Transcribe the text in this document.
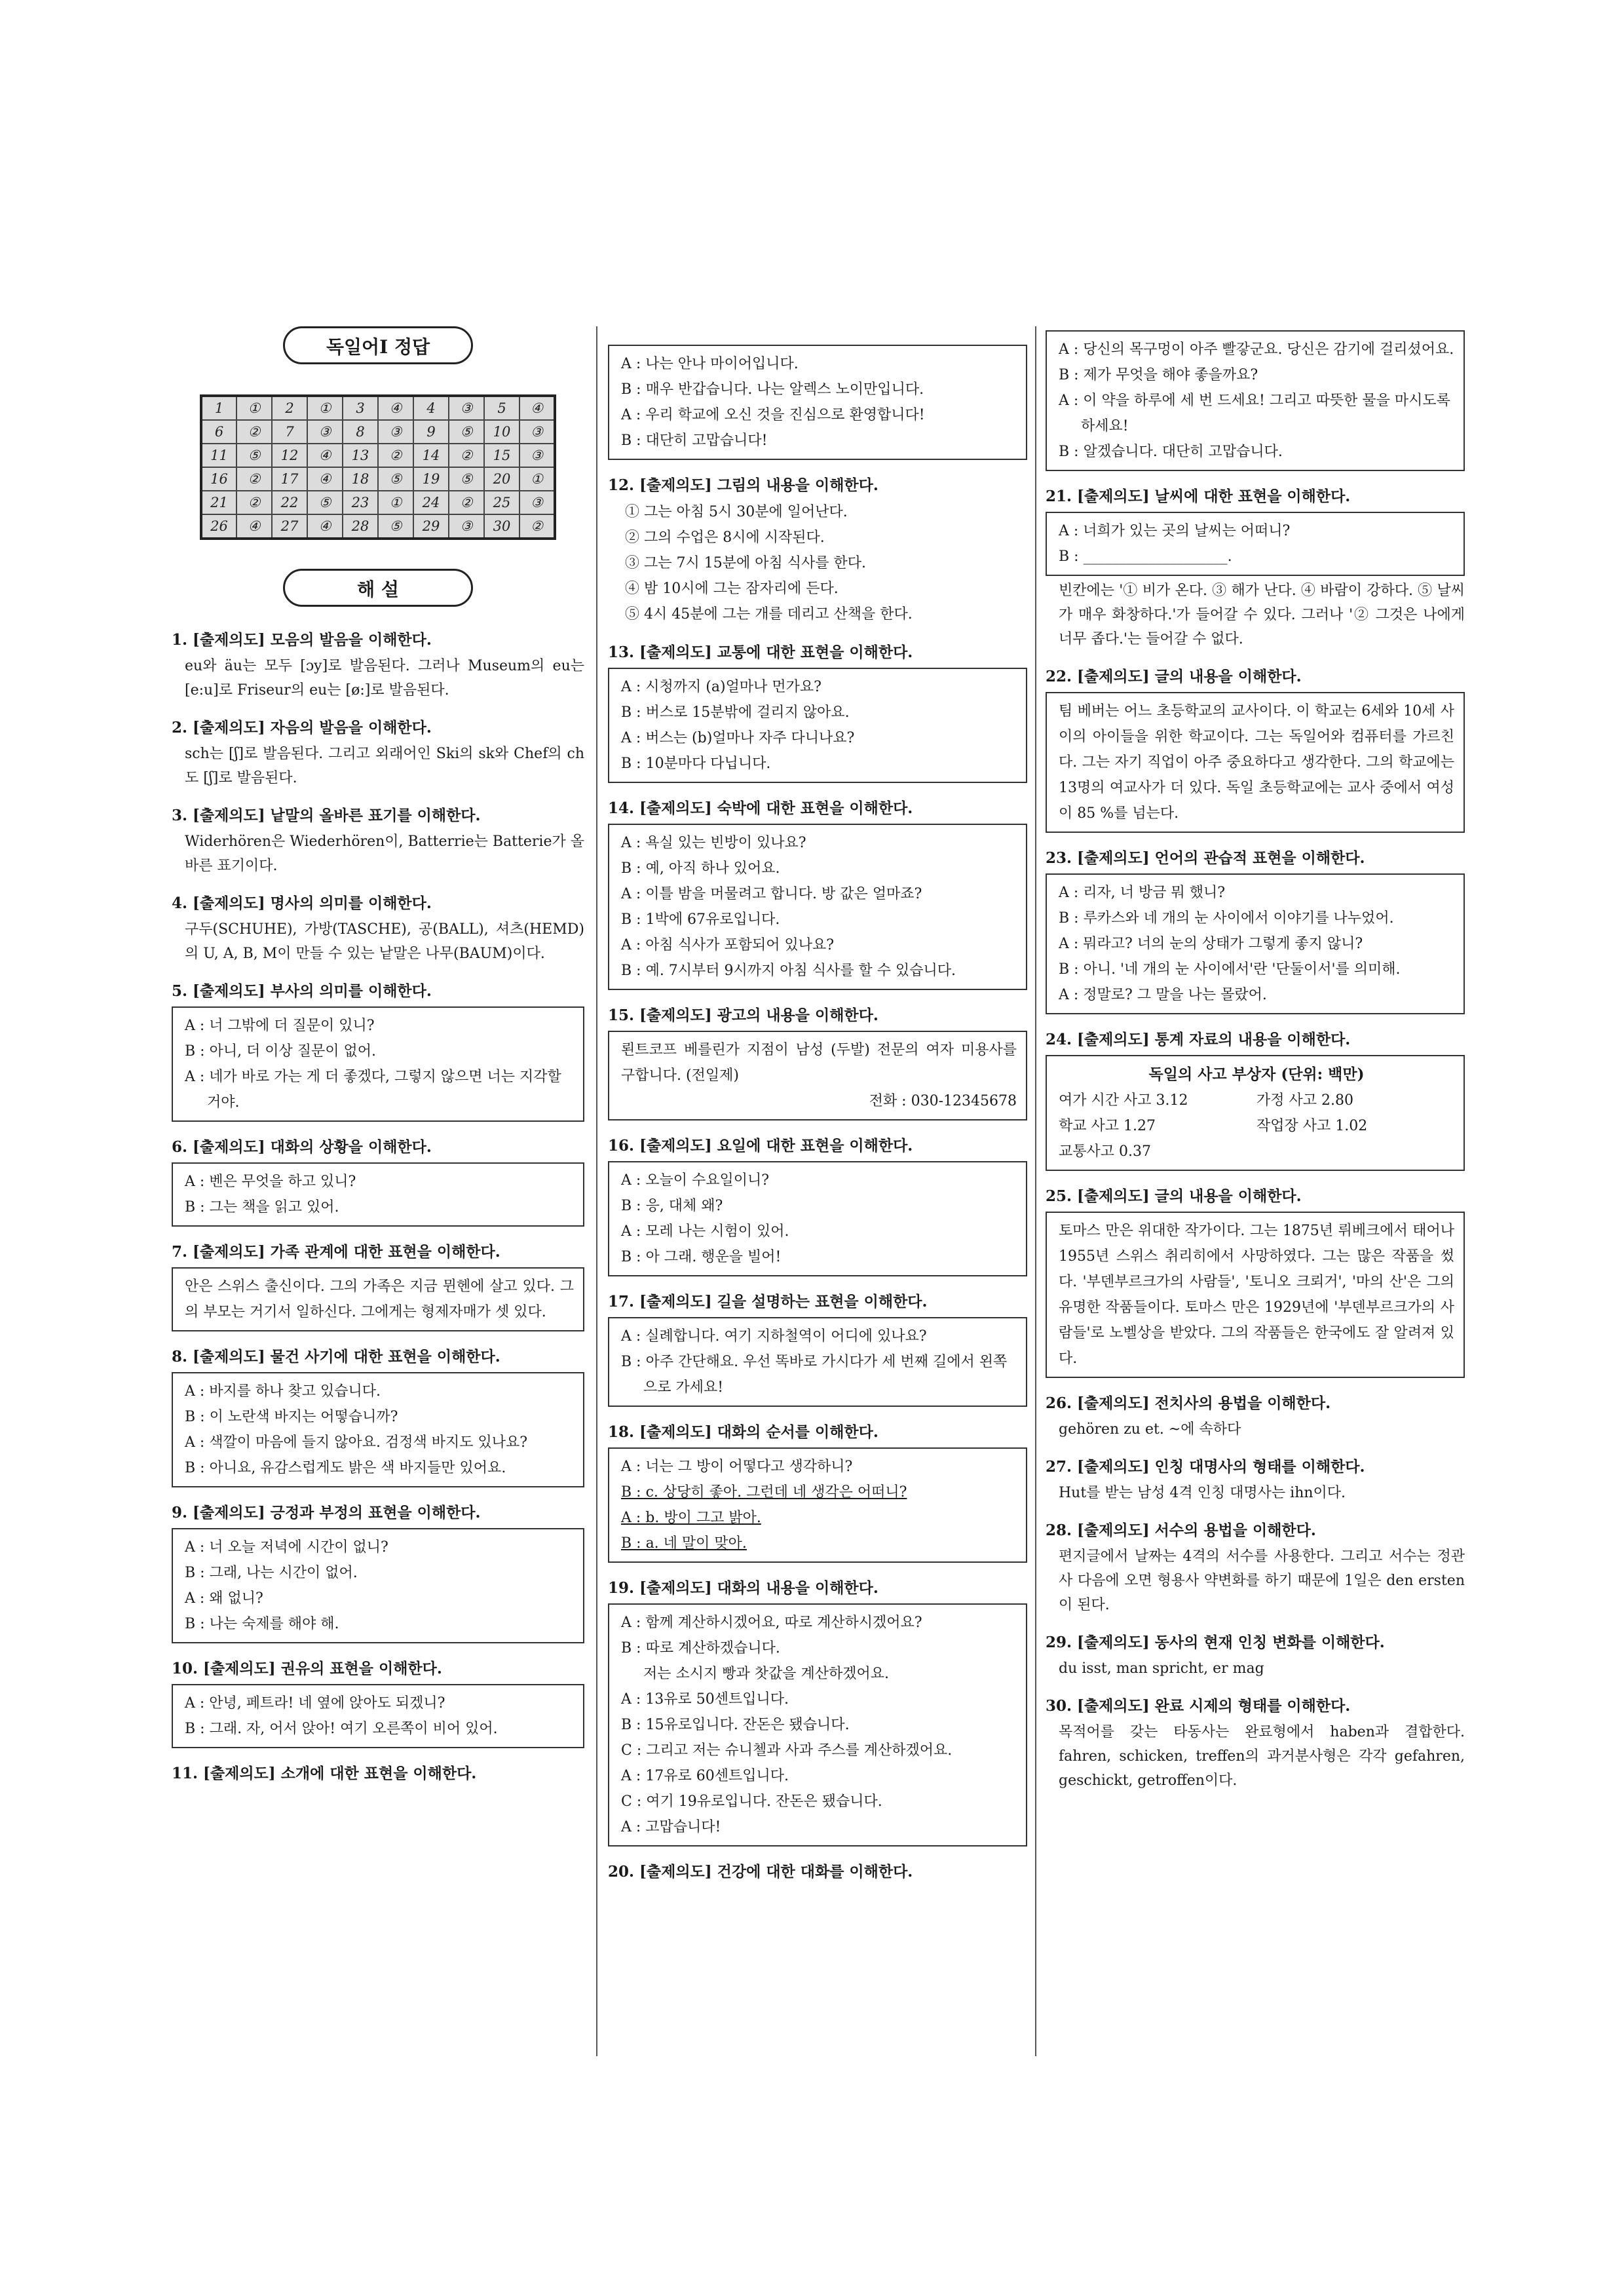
독일어Ⅰ 정답
1	①	2	①	3	④	4	③	5	④
6	②	7	③	8	③	9	⑤	10	③
11	⑤	12	④	13	②	14	②	15	③
16	②	17	④	18	⑤	19	⑤	20	①
21	②	22	⑤	23	①	24	②	25	③
26	④	27	④	28	⑤	29	③	30	②
해 설

1. [출제의도] 모음의 발음을 이해한다.

eu와 äu는 모두 [ɔy]로 발음된다. 그러나 Museum의 eu는 [e:u]로 Friseur의 eu는 [ø:]로 발음된다.

2. [출제의도] 자음의 발음을 이해한다.

sch는 [ʃ]로 발음된다. 그리고 외래어인 Ski의 sk와 Chef의 ch도 [ʃ]로 발음된다.

3. [출제의도] 낱말의 올바른 표기를 이해한다.

Widerhören은 Wiederhören이, Batterrie는 Batterie가 올바른 표기이다.

4. [출제의도] 명사의 의미를 이해한다.

구두(SCHUHE), 가방(TASCHE), 공(BALL), 셔츠(HEMD)의 U, A, B, M이 만들 수 있는 낱말은 나무(BAUM)이다.

5. [출제의도] 부사의 의미를 이해한다.

A : 너 그밖에 더 질문이 있니?

B : 아니, 더 이상 질문이 없어.

A : 네가 바로 가는 게 더 좋겠다, 그렇지 않으면 너는 지각할 거야.

6. [출제의도] 대화의 상황을 이해한다.

A : 벤은 무엇을 하고 있니?

B : 그는 책을 읽고 있어.

7. [출제의도] 가족 관계에 대한 표현을 이해한다.

안은 스위스 출신이다. 그의 가족은 지금 뮌헨에 살고 있다. 그의 부모는 거기서 일하신다. 그에게는 형제자매가 셋 있다.

8. [출제의도] 물건 사기에 대한 표현을 이해한다.

A : 바지를 하나 찾고 있습니다.

B : 이 노란색 바지는 어떻습니까?

A : 색깔이 마음에 들지 않아요. 검정색 바지도 있나요?

B : 아니요, 유감스럽게도 밝은 색 바지들만 있어요.

9. [출제의도] 긍정과 부정의 표현을 이해한다.

A : 너 오늘 저녁에 시간이 없니?

B : 그래, 나는 시간이 없어.

A : 왜 없니?

B : 나는 숙제를 해야 해.

10. [출제의도] 권유의 표현을 이해한다.

A : 안녕, 페트라! 네 옆에 앉아도 되겠니?

B : 그래. 자, 어서 앉아! 여기 오른쪽이 비어 있어.

11. [출제의도] 소개에 대한 표현을 이해한다.

A : 나는 안나 마이어입니다.

B : 매우 반갑습니다. 나는 알렉스 노이만입니다.

A : 우리 학교에 오신 것을 진심으로 환영합니다!

B : 대단히 고맙습니다!

12. [출제의도] 그림의 내용을 이해한다.

① 그는 아침 5시 30분에 일어난다.
② 그의 수업은 8시에 시작된다.
③ 그는 7시 15분에 아침 식사를 한다.
④ 밤 10시에 그는 잠자리에 든다.
⑤ 4시 45분에 그는 개를 데리고 산책을 한다.

13. [출제의도] 교통에 대한 표현을 이해한다.

A : 시청까지 (a)얼마나 먼가요?

B : 버스로 15분밖에 걸리지 않아요.

A : 버스는 (b)얼마나 자주 다니나요?

B : 10분마다 다닙니다.

14. [출제의도] 숙박에 대한 표현을 이해한다.

A : 욕실 있는 빈방이 있나요?

B : 예, 아직 하나 있어요.

A : 이틀 밤을 머물려고 합니다. 방 값은 얼마죠?

B : 1박에 67유로입니다.

A : 아침 식사가 포함되어 있나요?

B : 예. 7시부터 9시까지 아침 식사를 할 수 있습니다.

15. [출제의도] 광고의 내용을 이해한다.

뢴트코프 베를린가 지점이 남성 (두발) 전문의 여자 미용사를 구합니다. (전일제)

전화 : 030-12345678

16. [출제의도] 요일에 대한 표현을 이해한다.

A : 오늘이 수요일이니?

B : 응, 대체 왜?

A : 모레 나는 시험이 있어.

B : 아 그래. 행운을 빌어!

17. [출제의도] 길을 설명하는 표현을 이해한다.

A : 실례합니다. 여기 지하철역이 어디에 있나요?

B : 아주 간단해요. 우선 똑바로 가시다가 세 번째 길에서 왼쪽으로 가세요!

18. [출제의도] 대화의 순서를 이해한다.

A : 너는 그 방이 어떻다고 생각하니?

B : c. 상당히 좋아. 그런데 네 생각은 어떠니?

A : b. 방이 그고 밝아.

B : a. 네 말이 맞아.

19. [출제의도] 대화의 내용을 이해한다.

A : 함께 계산하시겠어요, 따로 계산하시겠어요?

B : 따로 계산하겠습니다.

저는 소시지 빵과 찻값을 계산하겠어요.

A : 13유로 50센트입니다.

B : 15유로입니다. 잔돈은 됐습니다.

C : 그리고 저는 슈니첼과 사과 주스를 계산하겠어요.

A : 17유로 60센트입니다.

C : 여기 19유로입니다. 잔돈은 됐습니다.

A : 고맙습니다!

20. [출제의도] 건강에 대한 대화를 이해한다.

A : 당신의 목구멍이 아주 빨갛군요. 당신은 감기에 걸리셨어요.

B : 제가 무엇을 해야 좋을까요?

A : 이 약을 하루에 세 번 드세요! 그리고 따뜻한 물을 마시도록 하세요!

B : 알겠습니다. 대단히 고맙습니다.

21. [출제의도] 날씨에 대한 표현을 이해한다.

A : 너희가 있는 곳의 날씨는 어떠니?

B : ____________________.

빈칸에는 '① 비가 온다. ③ 해가 난다. ④ 바람이 강하다. ⑤ 날씨가 매우 화창하다.'가 들어갈 수 있다. 그러나 '② 그것은 나에게 너무 좁다.'는 들어갈 수 없다.

22. [출제의도] 글의 내용을 이해한다.

팀 베버는 어느 초등학교의 교사이다. 이 학교는 6세와 10세 사이의 아이들을 위한 학교이다. 그는 독일어와 컴퓨터를 가르친다. 그는 자기 직업이 아주 중요하다고 생각한다. 그의 학교에는 13명의 여교사가 더 있다. 독일 초등학교에는 교사 중에서 여성이 85 %를 넘는다.

23. [출제의도] 언어의 관습적 표현을 이해한다.

A : 리자, 너 방금 뭐 했니?

B : 루카스와 네 개의 눈 사이에서 이야기를 나누었어.

A : 뭐라고? 너의 눈의 상태가 그렇게 좋지 않니?

B : 아니. '네 개의 눈 사이에서'란 '단둘이서'를 의미해.

A : 정말로? 그 말을 나는 몰랐어.

24. [출제의도] 통계 자료의 내용을 이해한다.

독일의 사고 부상자 (단위: 백만)
여가 시간 사고 3.12	가정 사고 2.80
학교 사고 1.27	작업장 사고 1.02
교통사고 0.37

25. [출제의도] 글의 내용을 이해한다.

토마스 만은 위대한 작가이다. 그는 1875년 뤼베크에서 태어나 1955년 스위스 취리히에서 사망하였다. 그는 많은 작품을 썼다. '부덴부르크가의 사람들', '토니오 크뢰거', '마의 산'은 그의 유명한 작품들이다. 토마스 만은 1929년에 '부덴부르크가의 사람들'로 노벨상을 받았다. 그의 작품들은 한국에도 잘 알려져 있다.

26. [출제의도] 전치사의 용법을 이해한다.

gehören zu et. ~에 속하다

27. [출제의도] 인칭 대명사의 형태를 이해한다.

Hut를 받는 남성 4격 인칭 대명사는 ihn이다.

28. [출제의도] 서수의 용법을 이해한다.

편지글에서 날짜는 4격의 서수를 사용한다. 그리고 서수는 정관사 다음에 오면 형용사 약변화를 하기 때문에 1일은 den ersten이 된다.

29. [출제의도] 동사의 현재 인칭 변화를 이해한다.

du isst, man spricht, er mag

30. [출제의도] 완료 시제의 형태를 이해한다.

목적어를 갖는 타동사는 완료형에서 haben과 결합한다. fahren, schicken, treffen의 과거분사형은 각각 gefahren, geschickt, getroffen이다.
